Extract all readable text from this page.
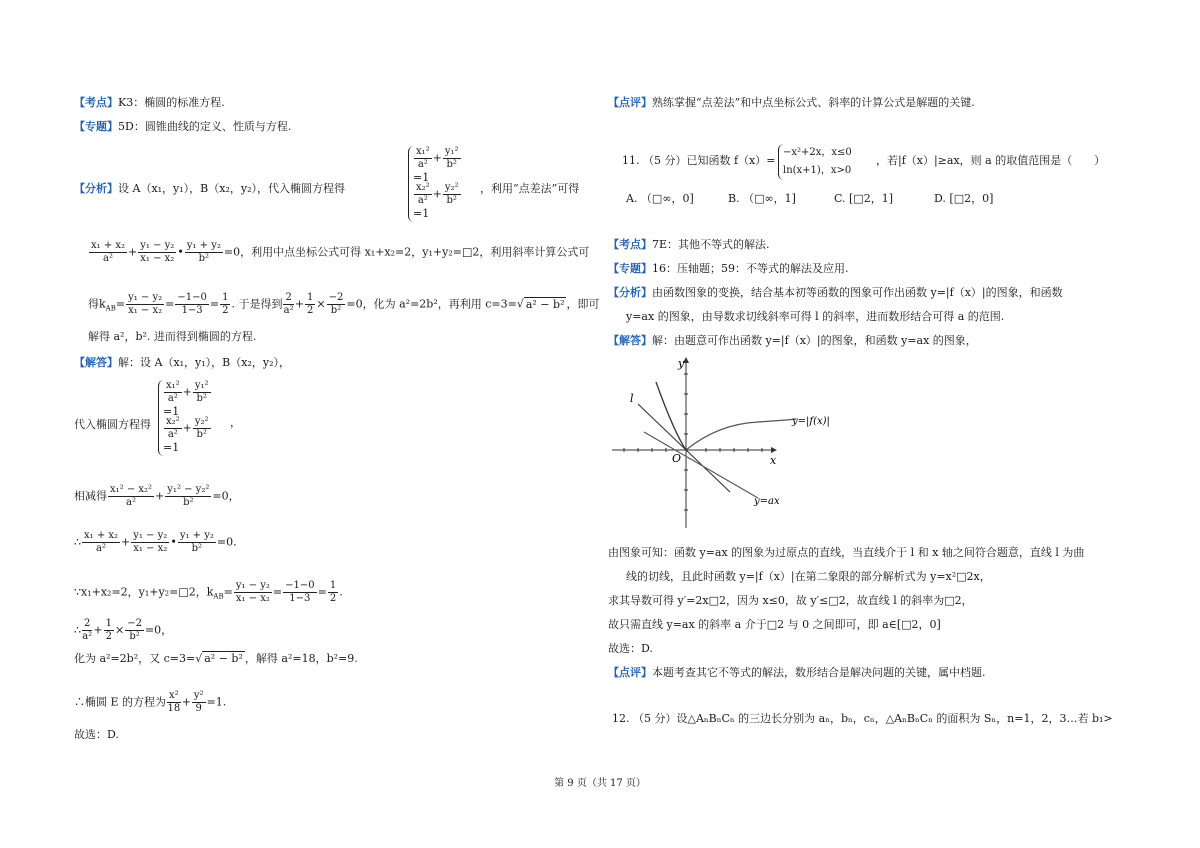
【考点】K3：椭圆的标准方程.
【专题】5D：圆锥曲线的定义、性质与方程.
【分析】设 A（x₁，y₁），B（x₂，y₂），代入椭圆方程得
$\frac{\text{x₁²}}{\text{a²}} + \frac{\text{y₁²}}{\text{b²}}$
=1
$\frac{\text{x₂²}}{\text{a²}} + \frac{\text{y₂²}}{\text{b²}}$
=1
，利用“点差法”可得
$\frac{\text{x₁ + x₂}}{\text{a²}} + \frac{\text{y₁ − y₂}}{\text{x₁ − x₂}}$ • $\frac{\text{y₁ + y₂}}{\text{b²}} =0$，利用中点坐标公式可得 x₁+x₂=2，y₁+y₂=□2，利用斜率计算公式可
得$k_{AB}= \frac{\text{y₁ − y₂}}{\text{x₁ − x₂}} = \frac{-1-0}{1-3} = \frac{1}{2}$ . 于是得到 $\frac{2}{\text{a²}} + \frac{1}{2} \times \frac{-2}{\text{b²}} =0$，化为 a²=2b²，再利用 c=3=√ a² − b² ，即可
解得 a²，b². 进而得到椭圆的方程.
【解答】解：设 A（x₁，y₁），B（x₂，y₂），
代入椭圆方程得
$\frac{\text{x₁²}}{\text{a²}} + \frac{\text{y₁²}}{\text{b²}}$
=1
$\frac{\text{x₂²}}{\text{a²}} + \frac{\text{y₂²}}{\text{b²}}$
=1
，
相减得 $\frac{\text{x₁² − x₂²}}{\text{a²}} + \frac{\text{y₁² − y₂²}}{\text{b²}} =0$，
∴ $\frac{\text{x₁ + x₂}}{\text{a²}} + \frac{\text{y₁ − y₂}}{\text{x₁ − x₂}}$ • $\frac{\text{y₁ + y₂}}{\text{b²}} =0$.
∵x₁+x₂=2，y₁+y₂=□2，$k_{AB}= \frac{\text{y₁ − y₂}}{\text{x₁ − x₂}} = \frac{-1-0}{1-3} = \frac{1}{2}$ .
∴ $\frac{2}{\text{a²}} + \frac{1}{2} \times \frac{-2}{\text{b²}} =0$，
化为 a²=2b²，又 c=3=√ a² − b² ，解得 a²=18，b²=9.
∴椭圆 E 的方程为 $\frac{\text{x²}}{18} + \frac{\text{y²}}{9} =1$.
故选：D.
【点评】熟练掌握“点差法”和中点坐标公式、斜率的计算公式是解题的关键.
11. （5 分）已知函数 f（x）=
−x²+2x，x≤0
ln(x+1)，x>0
，若|f（x）|≥ax，则 a 的取值范围是（　　）
A. （□∞，0]	B. （□∞，1]	C. [□2，1]	D. [□2，0]
【考点】7E：其他不等式的解法.
【专题】16：压轴题；59：不等式的解法及应用.
【分析】由函数图象的变换，结合基本初等函数的图象可作出函数 y=|f（x）|的图象，和函数
y=ax 的图象，由导数求切线斜率可得 l 的斜率，进而数形结合可得 a 的范围.
【解答】解：由题意可作出函数 y=|f（x）|的图象，和函数 y=ax 的图象，
y
x
O
l
y=|f(x)|
y=ax
由图象可知：函数 y=ax 的图象为过原点的直线，当直线介于 l 和 x 轴之间符合题意，直线 l 为曲
线的切线，且此时函数 y=|f（x）|在第二象限的部分解析式为 y=x²□2x，
求其导数可得 y′=2x□2，因为 x≤0，故 y′≤□2，故直线 l 的斜率为□2，
故只需直线 y=ax 的斜率 a 介于□2 与 0 之间即可，即 a∈[□2，0]
故选：D.
【点评】本题考查其它不等式的解法，数形结合是解决问题的关键，属中档题.
12. （5 分）设△AₙBₙCₙ 的三边长分别为 aₙ，bₙ，cₙ，△AₙBₙCₙ 的面积为 Sₙ，n=1，2，3…若 b₁>
第 9 页（共 17 页）
